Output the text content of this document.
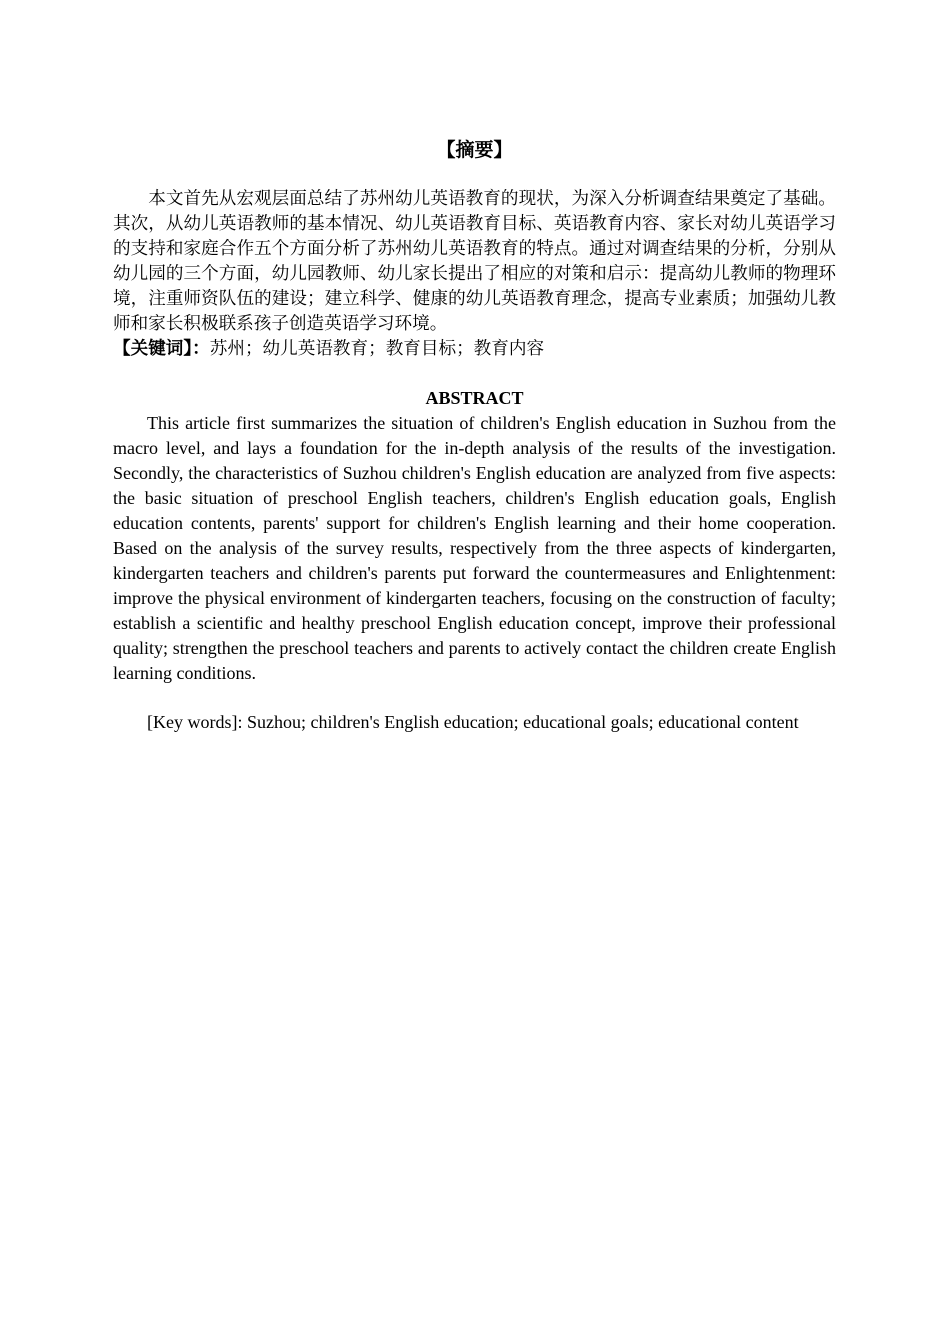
【摘要】

本文首先从宏观层面总结了苏州幼儿英语教育的现状，为深入分析调查结果奠定了基础。其次，从幼儿英语教师的基本情况、幼儿英语教育目标、英语教育内容、家长对幼儿英语学习的支持和家庭合作五个方面分析了苏州幼儿英语教育的特点。通过对调查结果的分析，分别从幼儿园的三个方面，幼儿园教师、幼儿家长提出了相应的对策和启示：提高幼儿教师的物理环境，注重师资队伍的建设；建立科学、健康的幼儿英语教育理念，提高专业素质；加强幼儿教师和家长积极联系孩子创造英语学习环境。

【关键词】：苏州；幼儿英语教育；教育目标；教育内容

ABSTRACT

This article first summarizes the situation of children's English education in Suzhou from the macro level, and lays a foundation for the in-depth analysis of the results of the investigation. Secondly, the characteristics of Suzhou children's English education are analyzed from five aspects: the basic situation of preschool English teachers, children's English education goals, English education contents, parents' support for children's English learning and their home cooperation. Based on the analysis of the survey results, respectively from the three aspects of kindergarten, kindergarten teachers and children's parents put forward the countermeasures and Enlightenment: improve the physical environment of kindergarten teachers, focusing on the construction of faculty; establish a scientific and healthy preschool English education concept, improve their professional quality; strengthen the preschool teachers and parents to actively contact the children create English learning conditions.

[Key words]: Suzhou; children's English education; educational goals; educational content
